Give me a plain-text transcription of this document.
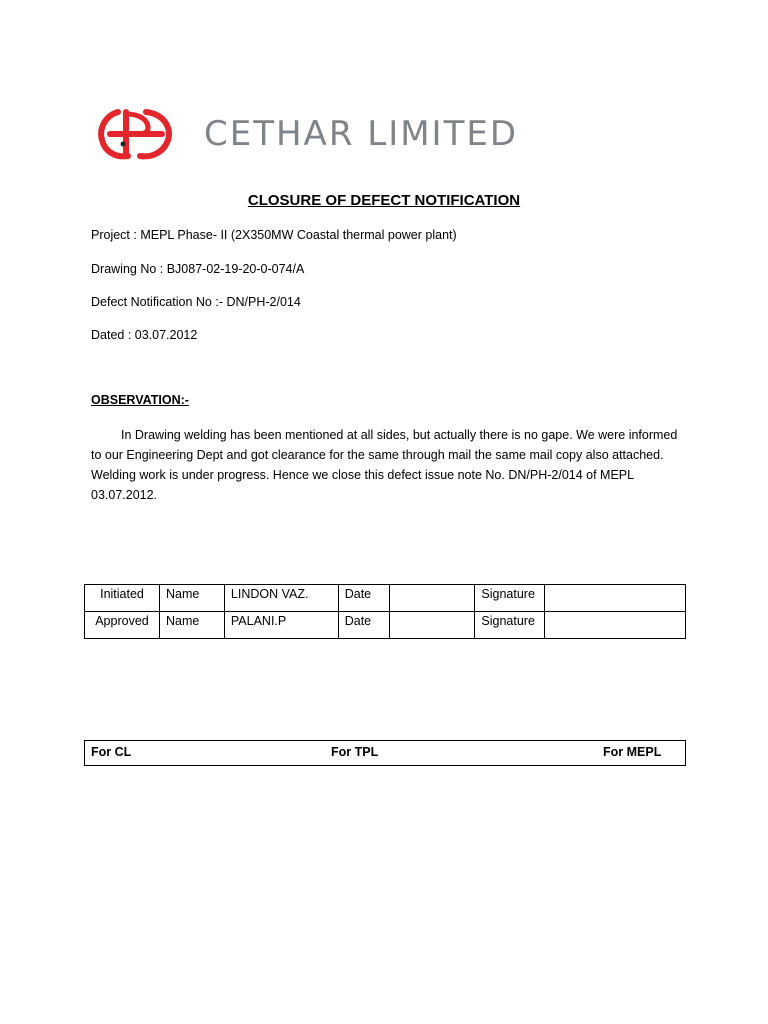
CETHAR LIMITED
CLOSURE OF DEFECT NOTIFICATION
Project : MEPL Phase- II (2X350MW Coastal thermal power plant)
Drawing No : BJ087-02-19-20-0-074/A
Defect Notification No :- DN/PH-2/014
Dated : 03.07.2012
OBSERVATION:-
In Drawing welding has been mentioned at all sides, but actually there is no gape. We were informed to our Engineering Dept and got clearance for the same through mail the same mail copy also attached. Welding work is under progress. Hence we close this defect issue note No. DN/PH-2/014 of MEPL 03.07.2012.
Initiated	Name	LINDON VAZ.	Date		Signature	
Approved	Name	PALANI.P	Date		Signature	
For CL	For TPL	For MEPL
